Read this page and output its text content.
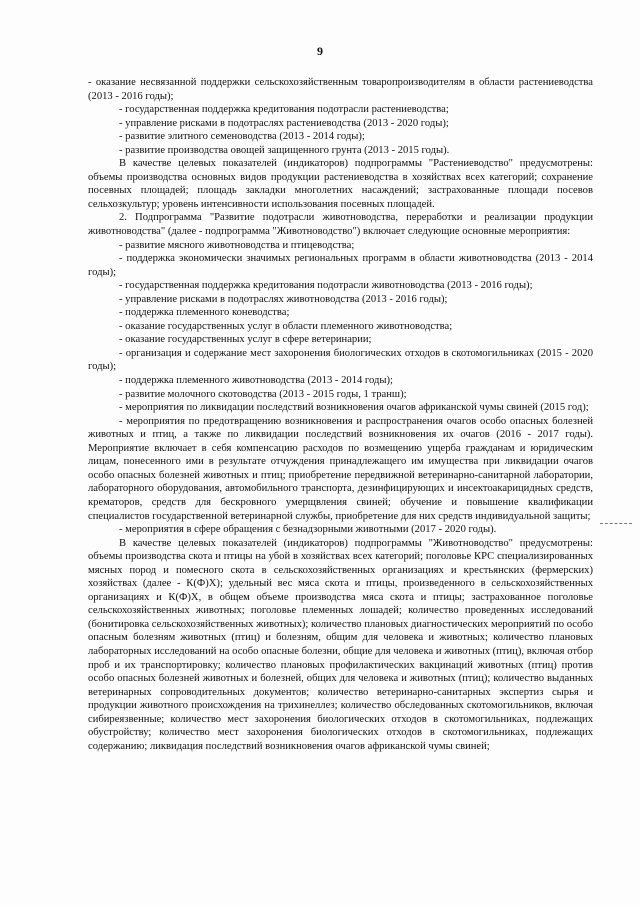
9

- оказание несвязанной поддержки сельскохозяйственным товаропроизводителям в области растениеводства (2013 - 2016 годы);

- государственная поддержка кредитования подотрасли растениеводства;

- управление рисками в подотраслях растениеводства (2013 - 2020 годы);

- развитие элитного семеноводства (2013 - 2014 годы);

- развитие производства овощей защищенного грунта (2013 - 2015 годы).

В качестве целевых показателей (индикаторов) подпрограммы "Растениеводство" предусмотрены: объемы производства основных видов продукции растениеводства в хозяйствах всех категорий; сохранение посевных площадей; площадь закладки многолетних насаждений; застрахованные площади посевов сельхозкультур; уровень интенсивности использования посевных площадей.

2. Подпрограмма "Развитие подотрасли животноводства, переработки и реализации продукции животноводства" (далее - подпрограмма "Животноводство") включает следующие основные мероприятия:

- развитие мясного животноводства и птицеводства;

- поддержка экономически значимых региональных программ в области животноводства (2013 - 2014 годы);

- государственная поддержка кредитования подотрасли животноводства (2013 - 2016 годы);

- управление рисками в подотраслях животноводства (2013 - 2016 годы);

- поддержка племенного коневодства;

- оказание государственных услуг в области племенного животноводства;

- оказание государственных услуг в сфере ветеринарии;

- организация и содержание мест захоронения биологических отходов в скотомогильниках (2015 - 2020 годы);

- поддержка племенного животноводства (2013 - 2014 годы);

- развитие молочного скотоводства (2013 - 2015 годы, 1 транш);

- мероприятия по ликвидации последствий возникновения очагов африканской чумы свиней (2015 год);

- мероприятия по предотвращению возникновения и распространения очагов особо опасных болезней животных и птиц, а также по ликвидации последствий возникновения их очагов (2016 - 2017 годы). Мероприятие включает в себя компенсацию расходов по возмещению ущерба гражданам и юридическим лицам, понесенного ими в результате отчуждения принадлежащего им имущества при ликвидации очагов особо опасных болезней животных и птиц; приобретение передвижной ветеринарно-санитарной лаборатории, лабораторного оборудования, автомобильного транспорта, дезинфицирующих и инсектоакарицидных средств, крематоров, средств для бескровного умерщвления свиней; обучение и повышение квалификации специалистов государственной ветеринарной службы, приобретение для них средств индивидуальной защиты;

- мероприятия в сфере обращения с безнадзорными животными (2017 - 2020 годы).

В качестве целевых показателей (индикаторов) подпрограммы "Животноводство" предусмотрены: объемы производства скота и птицы на убой в хозяйствах всех категорий; поголовье КРС специализированных мясных пород и помесного скота в сельскохозяйственных организациях и крестьянских (фермерских) хозяйствах (далее - К(Ф)Х); удельный вес мяса скота и птицы, произведенного в сельскохозяйственных организациях и К(Ф)Х, в общем объеме производства мяса скота и птицы; застрахованное поголовье сельскохозяйственных животных; поголовье племенных лошадей; количество проведенных исследований (бонитировка сельскохозяйственных животных); количество плановых диагностических мероприятий по особо опасным болезням животных (птиц) и болезням, общим для человека и животных; количество плановых лабораторных исследований на особо опасные болезни, общие для человека и животных (птиц), включая отбор проб и их транспортировку; количество плановых профилактических вакцинаций животных (птиц) против особо опасных болезней животных и болезней, общих для человека и животных (птиц); количество выданных ветеринарных сопроводительных документов; количество ветеринарно-санитарных экспертиз сырья и продукции животного происхождения на трихинеллез; количество обследованных скотомогильников, включая сибиреязвенные; количество мест захоронения биологических отходов в скотомогильниках, подлежащих обустройству; количество мест захоронения биологических отходов в скотомогильниках, подлежащих содержанию; ликвидация последствий возникновения очагов африканской чумы свиней;
